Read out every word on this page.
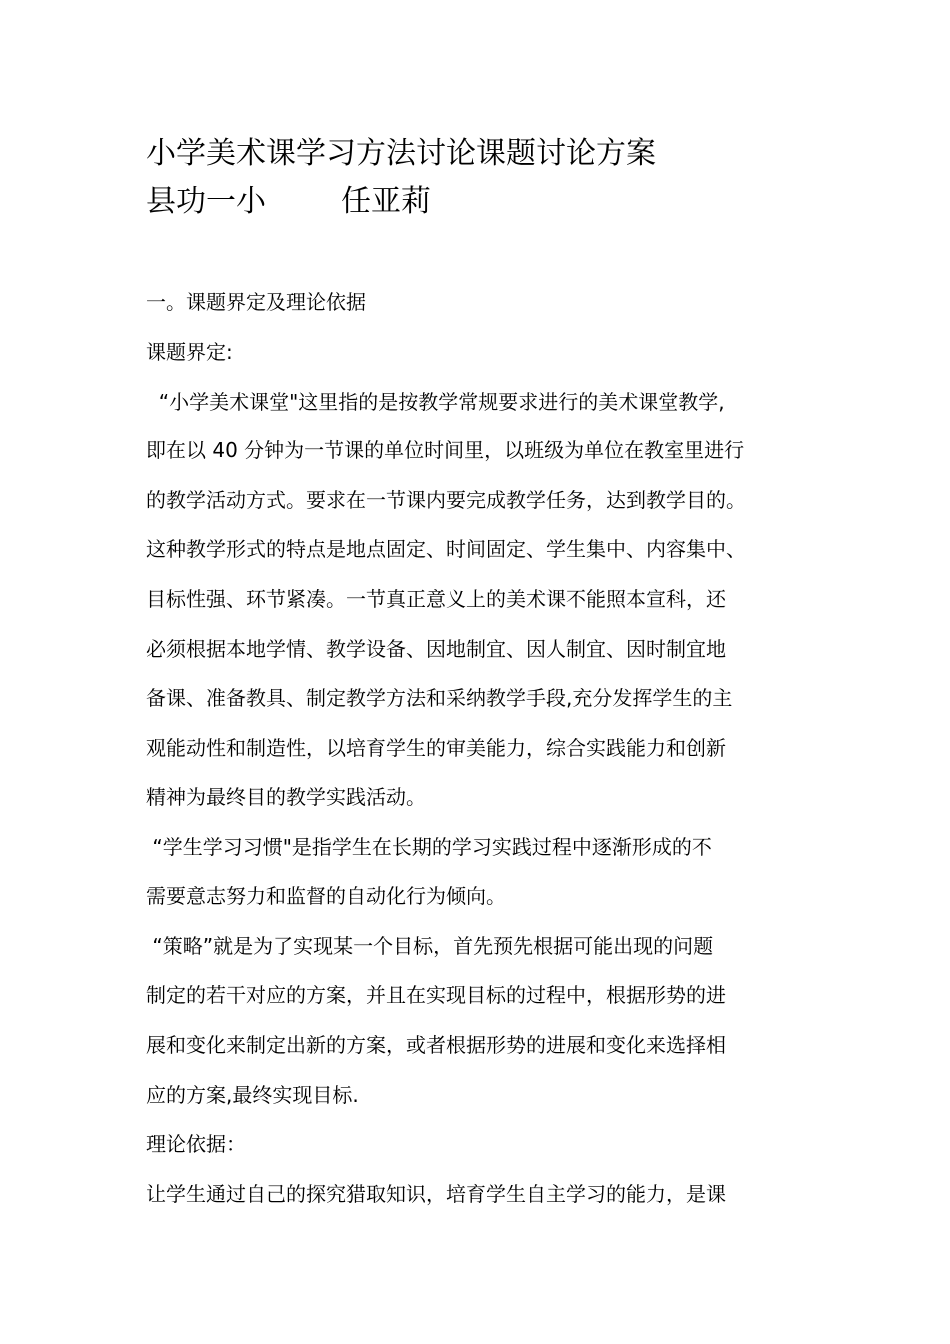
小学美术课学习方法讨论课题讨论方案
县功一小	任亚莉
一。课题界定及理论依据
课题界定:
“小学美术课堂"这里指的是按教学常规要求进行的美术课堂教学,
即在以 40 分钟为一节课的单位时间里，以班级为单位在教室里进行
的教学活动方式。要求在一节课内要完成教学任务，达到教学目的。
这种教学形式的特点是地点固定、时间固定、学生集中、内容集中、
目标性强、环节紧凑。一节真正意义上的美术课不能照本宣科，还
必须根据本地学情、教学设备、因地制宜、因人制宜、因时制宜地
备课、准备教具、制定教学方法和采纳教学手段,充分发挥学生的主
观能动性和制造性，以培育学生的审美能力，综合实践能力和创新
精神为最终目的教学实践活动。
“学生学习习惯"是指学生在长期的学习实践过程中逐渐形成的不
需要意志努力和监督的自动化行为倾向。
“策略”就是为了实现某一个目标，首先预先根据可能出现的问题
制定的若干对应的方案，并且在实现目标的过程中，根据形势的进
展和变化来制定出新的方案，或者根据形势的进展和变化来选择相
应的方案,最终实现目标.
理论依据：
让学生通过自己的探究猎取知识，培育学生自主学习的能力，是课
